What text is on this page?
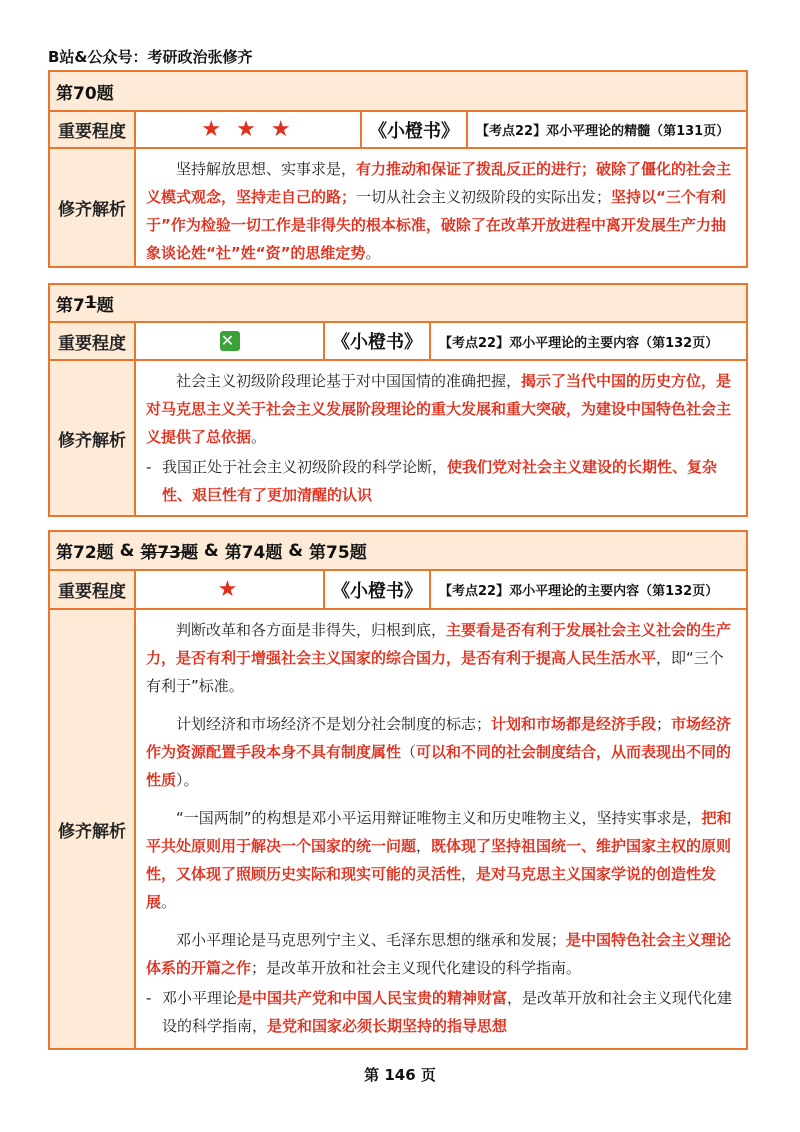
B站&公众号：考研政治张修齐
第70题
重要程度	★ ★ ★	《小橙书》	【考点22】邓小平理论的精髓（第131页）
修齐解析

坚持解放思想、实事求是，有力推动和保证了拨乱反正的进行；破除了僵化的社会主义模式观念，坚持走自己的路；一切从社会主义初级阶段的实际出发；坚持以“三个有利于”作为检验一切工作是非得失的根本标准，破除了在改革开放进程中离开发展生产力抽象谈论姓“社”姓“资”的思维定势。

第7 1 题
重要程度	✕	《小橙书》	【考点22】邓小平理论的主要内容（第132页）
修齐解析

社会主义初级阶段理论基于对中国国情的准确把握，揭示了当代中国的历史方位，是对马克思主义关于社会主义发展阶段理论的重大发展和重大突破，为建设中国特色社会主义提供了总依据。

- 我国正处于社会主义初级阶段的科学论断，使我们党对社会主义建设的长期性、复杂性、艰巨性有了更加清醒的认识
第72题 & 第73题 & 第74题 & 第75题
重要程度	★	《小橙书》	【考点22】邓小平理论的主要内容（第132页）
修齐解析

判断改革和各方面是非得失，归根到底，主要看是否有利于发展社会主义社会的生产力，是否有利于增强社会主义国家的综合国力，是否有利于提高人民生活水平，即“三个有利于”标准。

计划经济和市场经济不是划分社会制度的标志；计划和市场都是经济手段；市场经济作为资源配置手段本身不具有制度属性（可以和不同的社会制度结合，从而表现出不同的性质）。

“一国两制”的构想是邓小平运用辩证唯物主义和历史唯物主义，坚持实事求是，把和平共处原则用于解决一个国家的统一问题，既体现了坚持祖国统一、维护国家主权的原则性，又体现了照顾历史实际和现实可能的灵活性，是对马克思主义国家学说的创造性发展。

邓小平理论是马克思列宁主义、毛泽东思想的继承和发展；是中国特色社会主义理论体系的开篇之作；是改革开放和社会主义现代化建设的科学指南。

- 邓小平理论是中国共产党和中国人民宝贵的精神财富，是改革开放和社会主义现代化建设的科学指南，是党和国家必须长期坚持的指导思想
第 146 页
